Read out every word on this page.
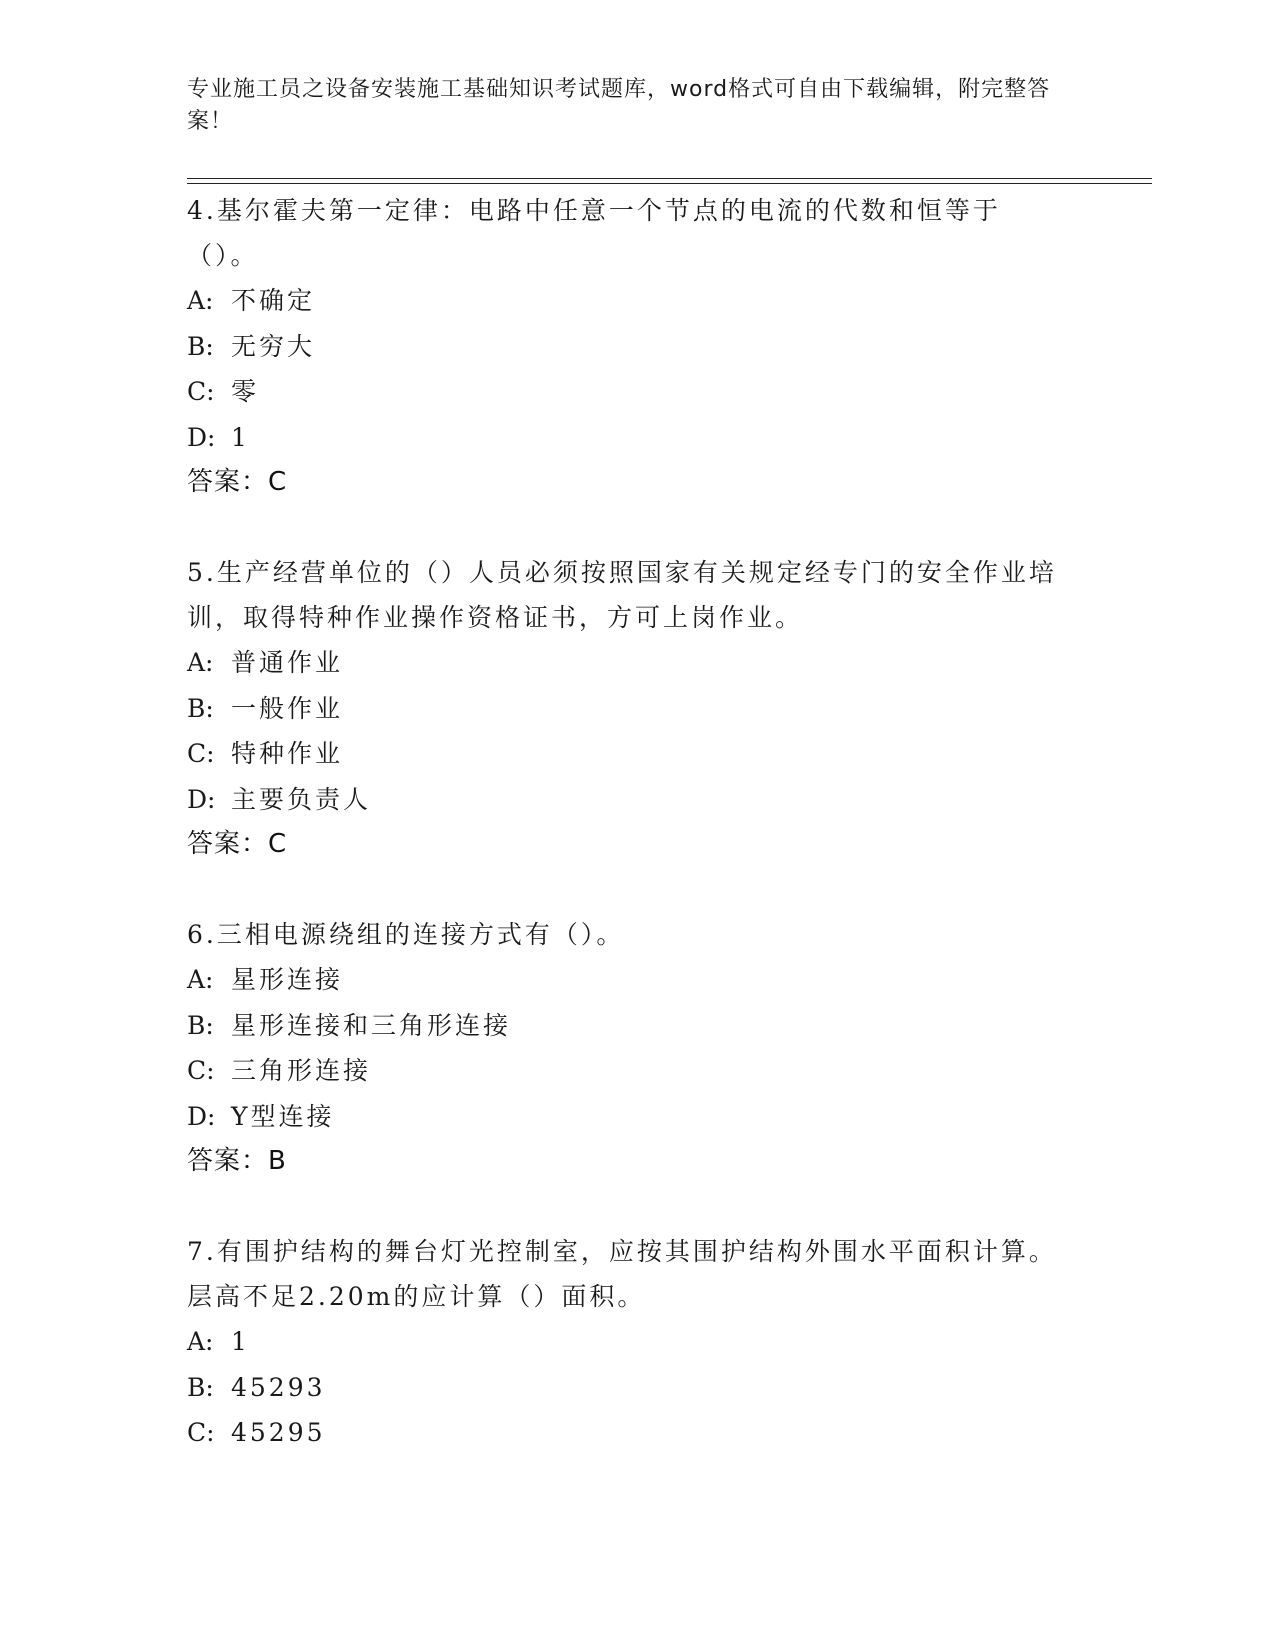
专业施工员之设备安装施工基础知识考试题库，word格式可自由下载编辑，附完整答案！

4.基尔霍夫第一定律：电路中任意一个节点的电流的代数和恒等于（）。

A: 不确定
B: 无穷大
C: 零
D: 1
答案：C

5.生产经营单位的（）人员必须按照国家有关规定经专门的安全作业培训，取得特种作业操作资格证书，方可上岗作业。

A: 普通作业
B: 一般作业
C: 特种作业
D: 主要负责人
答案：C

6.三相电源绕组的连接方式有（）。

A: 星形连接
B: 星形连接和三角形连接
C: 三角形连接
D: Y型连接
答案：B

7.有围护结构的舞台灯光控制室，应按其围护结构外围水平面积计算。层高不足2.20m的应计算（）面积。

A: 1
B: 45293
C: 45295
